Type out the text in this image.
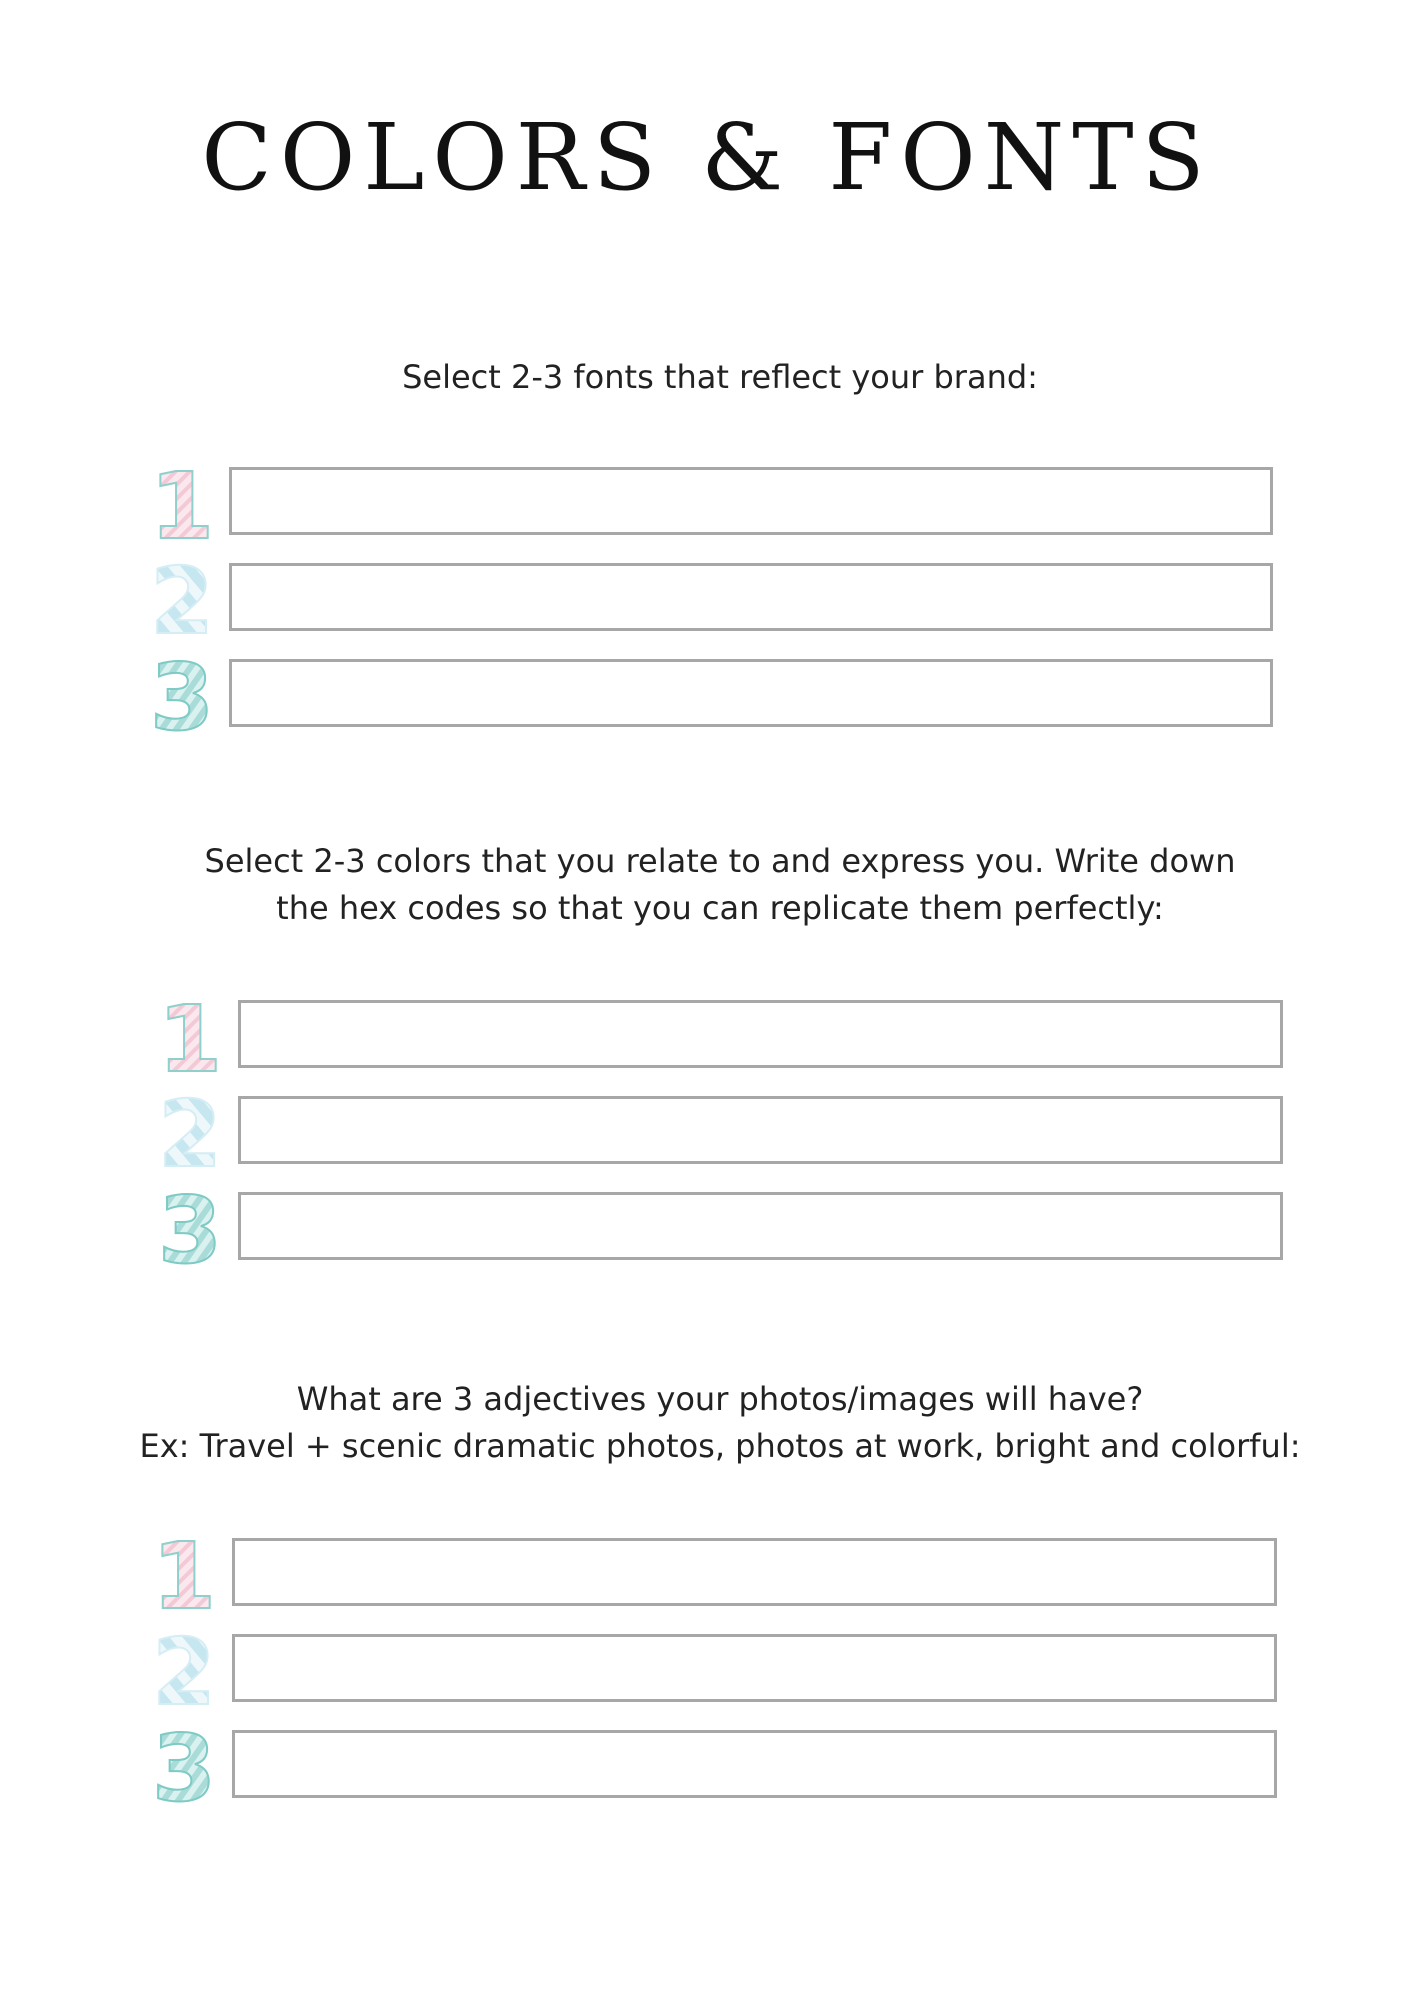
COLORS & FONTS
Select 2-3 fonts that reflect your brand:
1
2
3
Select 2-3 colors that you relate to and express you. Write down
the hex codes so that you can replicate them perfectly:
1
2
3
What are 3 adjectives your photos/images will have?
Ex: Travel + scenic dramatic photos, photos at work, bright and colorful:
1
2
3
